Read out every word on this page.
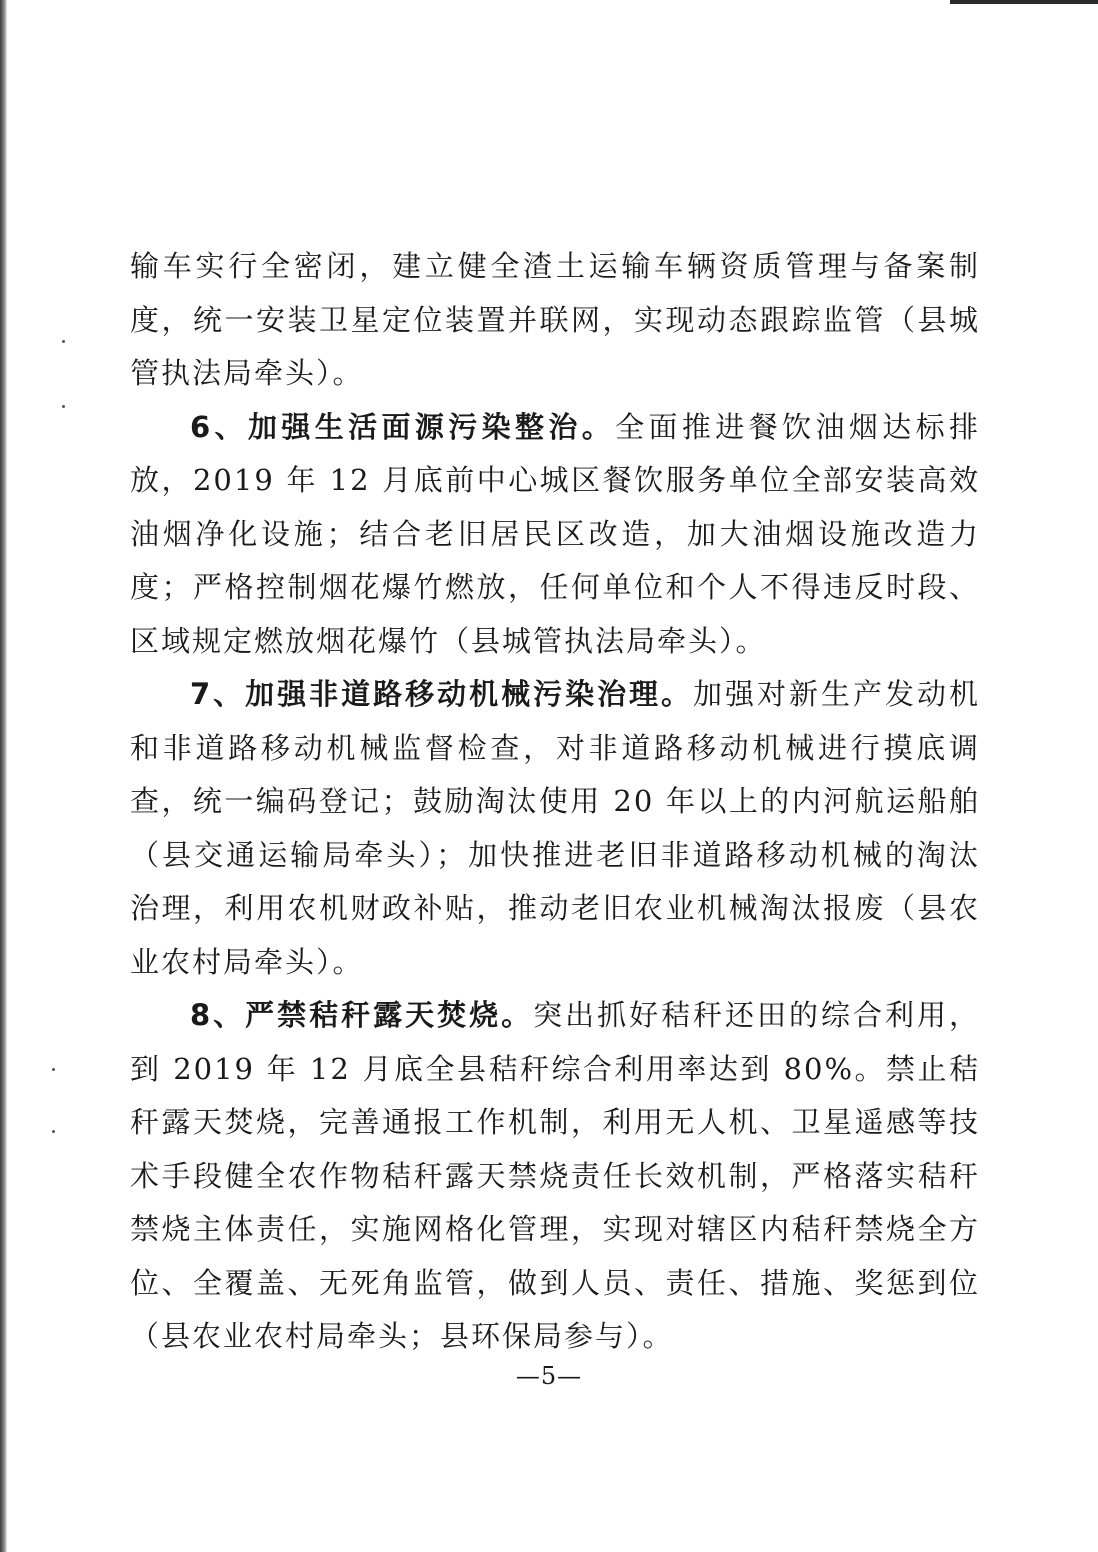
输车实行全密闭，建立健全渣土运输车辆资质管理与备案制度，统一安装卫星定位装置并联网，实现动态跟踪监管（县城管执法局牵头）。

6、加强生活面源污染整治。全面推进餐饮油烟达标排放，2019 年 12 月底前中心城区餐饮服务单位全部安装高效油烟净化设施；结合老旧居民区改造，加大油烟设施改造力度；严格控制烟花爆竹燃放，任何单位和个人不得违反时段、区域规定燃放烟花爆竹（县城管执法局牵头）。

7、加强非道路移动机械污染治理。加强对新生产发动机和非道路移动机械监督检查，对非道路移动机械进行摸底调查，统一编码登记；鼓励淘汰使用 20 年以上的内河航运船舶（县交通运输局牵头）；加快推进老旧非道路移动机械的淘汰治理，利用农机财政补贴，推动老旧农业机械淘汰报废（县农业农村局牵头）。

8、严禁秸秆露天焚烧。突出抓好秸秆还田的综合利用，到 2019 年 12 月底全县秸秆综合利用率达到 80%。禁止秸秆露天焚烧，完善通报工作机制，利用无人机、卫星遥感等技术手段健全农作物秸秆露天禁烧责任长效机制，严格落实秸秆禁烧主体责任，实施网格化管理，实现对辖区内秸秆禁烧全方位、全覆盖、无死角监管，做到人员、责任、措施、奖惩到位（县农业农村局牵头；县环保局参与）。

—5—
